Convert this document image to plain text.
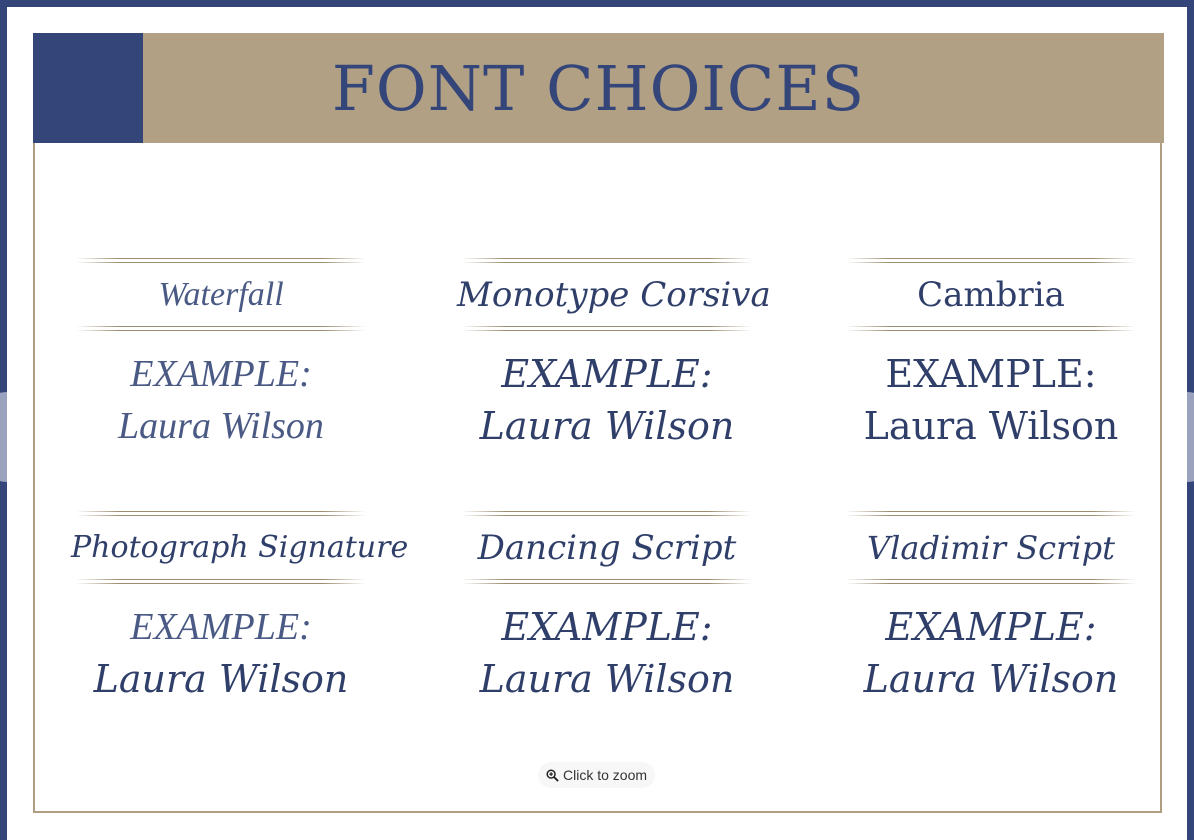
FONT CHOICES
Waterfall
EXAMPLE:
Laura Wilson
Monotype Corsiva
EXAMPLE:
Laura Wilson
Cambria
EXAMPLE:
Laura Wilson
Photograph Signature
EXAMPLE:
Laura Wilson
Dancing Script
EXAMPLE:
Laura Wilson
Vladimir Script
EXAMPLE:
Laura Wilson
Click to zoom
